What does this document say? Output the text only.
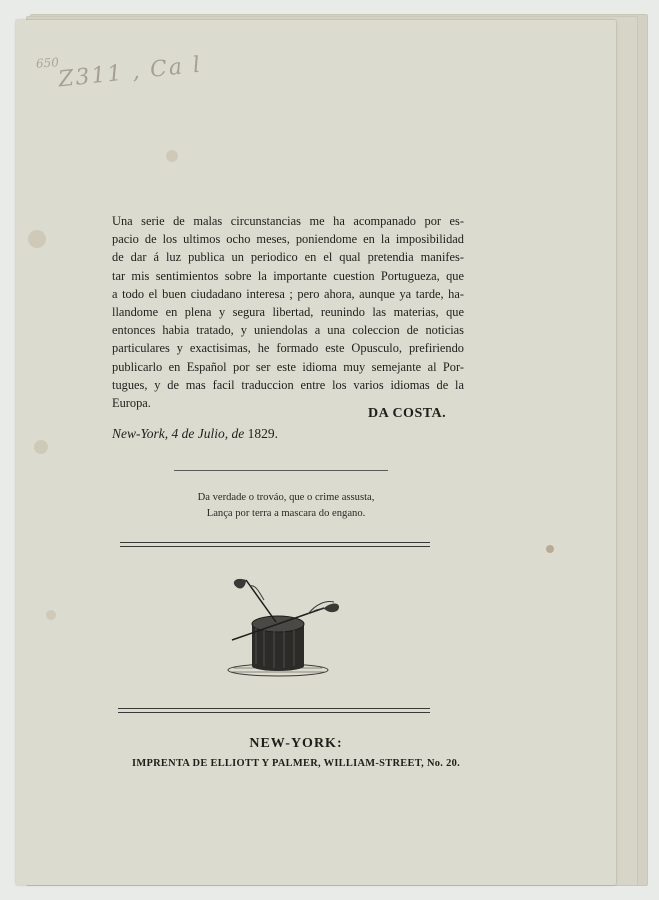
650
Z311 , Ca l
Una serie de malas circunstancias me ha acompanado por es-
pacio de los ultimos ocho meses, poniendome en la imposibilidad
de dar á luz publica un periodico en el qual pretendia manifes-
tar mis sentimientos sobre la importante cuestion Portugueza, que
a todo el buen ciudadano interesa ; pero ahora, aunque ya tarde, ha-
llandome en plena y segura libertad, reunindo las materias, que
entonces habia tratado, y uniendolas a una coleccion de noticias
particulares y exactisimas, he formado este Opusculo, prefiriendo
publicarlo en Español por ser este idioma muy semejante al Por-
tugues, y de mas facil traduccion entre los varios idiomas de la
Europa.
DA COSTA.
New-York, 4 de Julio, de 1829.
Da verdade o trováo, que o crime assusta,
Lança por terra a mascara do engano.
NEW-YORK:
IMPRENTA DE ELLIOTT Y PALMER, WILLIAM-STREET, No. 20.
